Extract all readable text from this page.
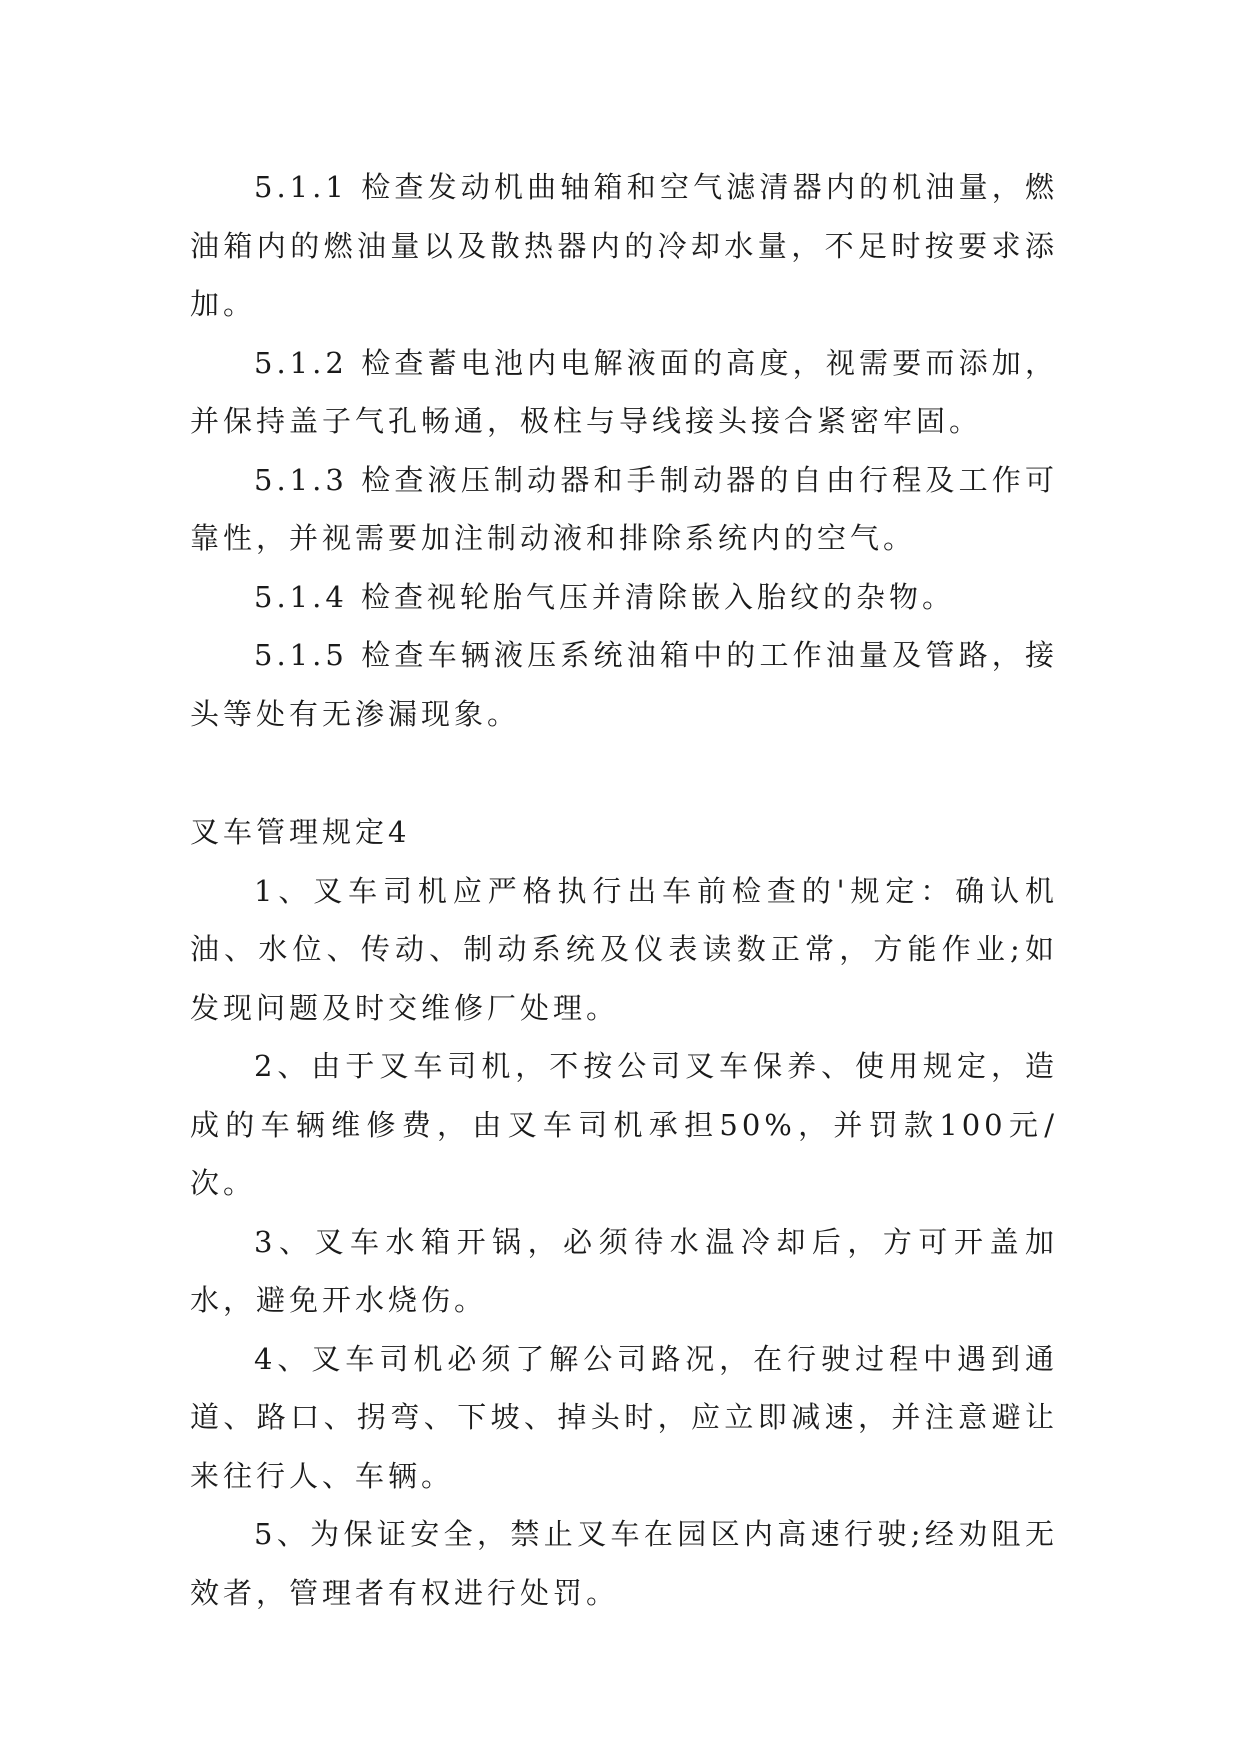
5.1.1 检查发动机曲轴箱和空气滤清器内的机油量，燃油箱内的燃油量以及散热器内的冷却水量，不足时按要求添加。

5.1.2 检查蓄电池内电解液面的高度，视需要而添加，并保持盖子气孔畅通，极柱与导线接头接合紧密牢固。

5.1.3 检查液压制动器和手制动器的自由行程及工作可靠性，并视需要加注制动液和排除系统内的空气。

5.1.4 检查视轮胎气压并清除嵌入胎纹的杂物。

5.1.5 检查车辆液压系统油箱中的工作油量及管路，接头等处有无渗漏现象。

叉车管理规定4

1、叉车司机应严格执行出车前检查的'规定：确认机油、水位、传动、制动系统及仪表读数正常，方能作业;如发现问题及时交维修厂处理。

2、由于叉车司机，不按公司叉车保养、使用规定，造成的车辆维修费，由叉车司机承担50%，并罚款100元/次。

3、叉车水箱开锅，必须待水温冷却后，方可开盖加水，避免开水烧伤。

4、叉车司机必须了解公司路况，在行驶过程中遇到通道、路口、拐弯、下坡、掉头时，应立即减速，并注意避让来往行人、车辆。

5、为保证安全，禁止叉车在园区内高速行驶;经劝阻无效者，管理者有权进行处罚。
